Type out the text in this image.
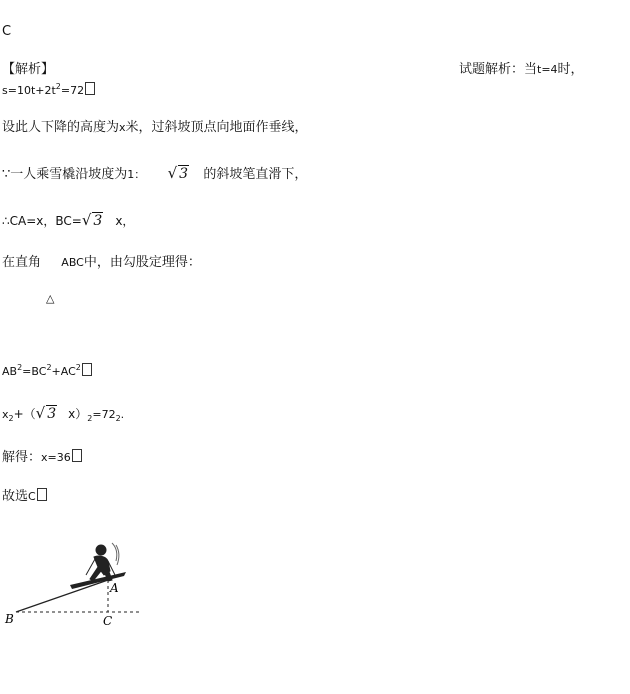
C
【解析】	试题解析：当t=4时，
$s=10t+2t^2=72$
设此人下降的高度为x米，过斜坡顶点向地面作垂线，
∵一人乘雪橇沿坡度为1： √ 3 的斜坡笔直滑下，
∴CA=x，BC=√ 3 x，
在直角 ABC中，由勾股定理得：
△
$AB^2=BC^2+AC^2$
$x_2+(√$ 3 $x)_2=72_2$.
解得：x=36
故选C
A
B	C
